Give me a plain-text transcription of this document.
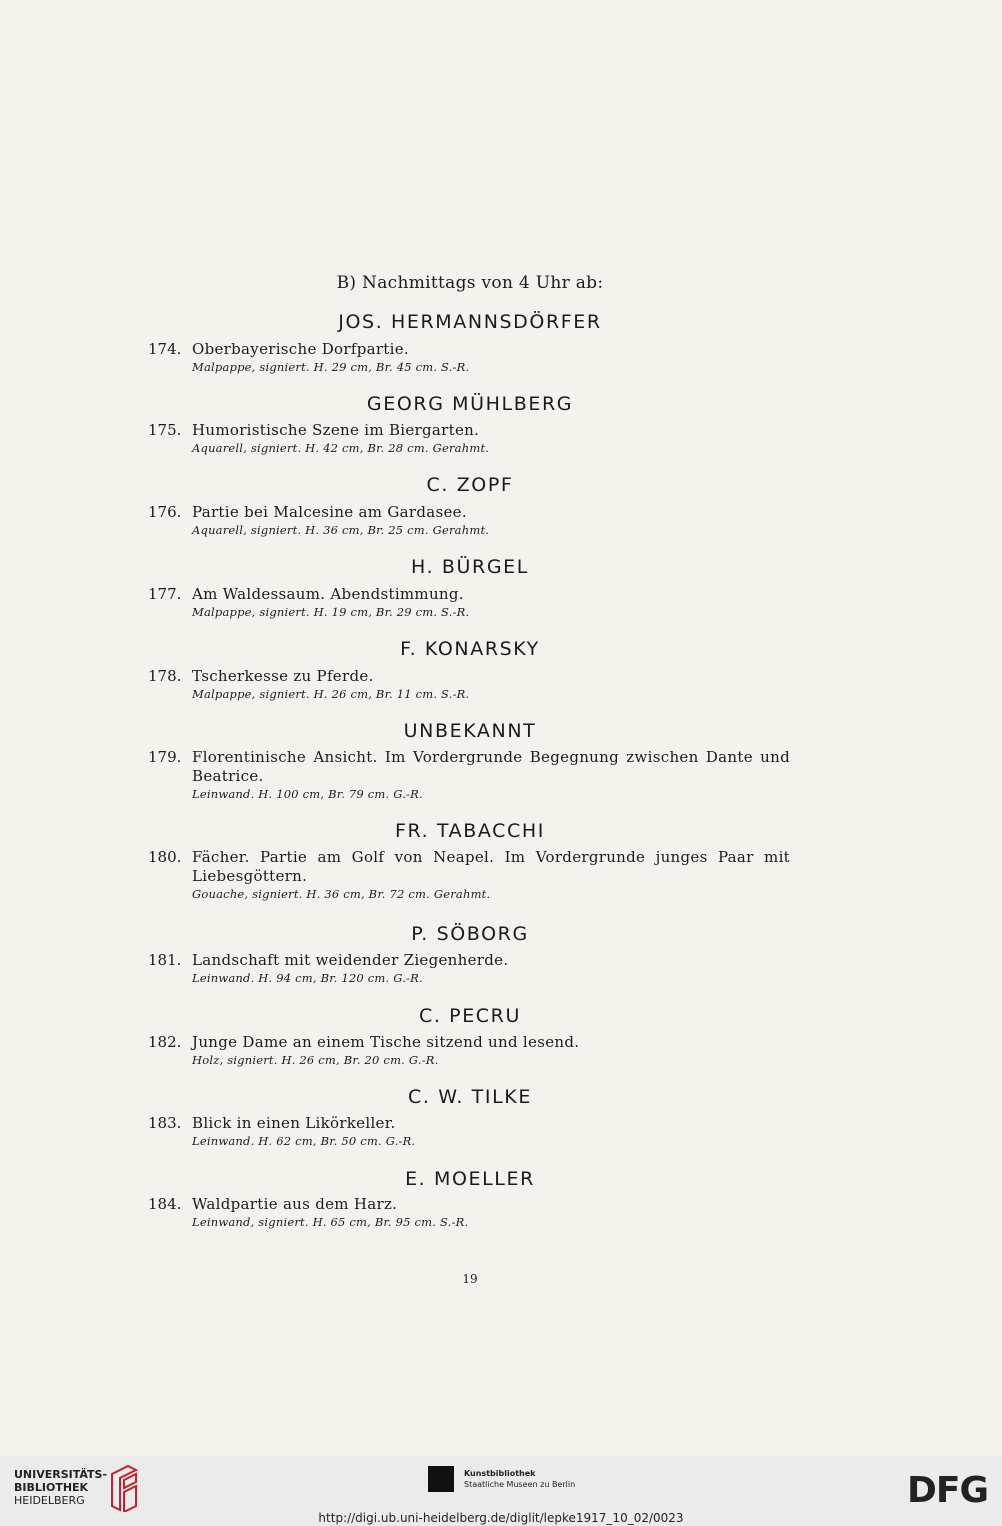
B) Nachmittags von 4 Uhr ab:
JOS. HERMANNSDÖRFER
174. Oberbayerische Dorfpartie.
Malpappe, signiert. H. 29 cm, Br. 45 cm. S.-R.
GEORG MÜHLBERG
175. Humoristische Szene im Biergarten.
Aquarell, signiert. H. 42 cm, Br. 28 cm. Gerahmt.
C. ZOPF
176. Partie bei Malcesine am Gardasee.
Aquarell, signiert. H. 36 cm, Br. 25 cm. Gerahmt.
H. BÜRGEL
177. Am Waldessaum. Abendstimmung.
Malpappe, signiert. H. 19 cm, Br. 29 cm. S.-R.
F. KONARSKY
178. Tscherkesse zu Pferde.
Malpappe, signiert. H. 26 cm, Br. 11 cm. S.-R.
UNBEKANNT
179. Florentinische Ansicht. Im Vordergrunde Begegnung zwischen Dante und Beatrice.
Leinwand. H. 100 cm, Br. 79 cm. G.-R.
FR. TABACCHI
180. Fächer. Partie am Golf von Neapel. Im Vordergrunde junges Paar mit Liebesgöttern.
Gouache, signiert. H. 36 cm, Br. 72 cm. Gerahmt.
P. SÖBORG
181. Landschaft mit weidender Ziegenherde.
Leinwand. H. 94 cm, Br. 120 cm. G.-R.
C. PECRU
182. Junge Dame an einem Tische sitzend und lesend.
Holz, signiert. H. 26 cm, Br. 20 cm. G.-R.
C. W. TILKE
183. Blick in einen Likörkeller.
Leinwand. H. 62 cm, Br. 50 cm. G.-R.
E. MOELLER
184. Waldpartie aus dem Harz.
Leinwand, signiert. H. 65 cm, Br. 95 cm. S.-R.
19
UNIVERSITÄTS-
BIBLIOTHEK
HEIDELBERG
Kunstbibliothek
Staatliche Museen zu Berlin	DFG
http://digi.ub.uni-heidelberg.de/diglit/lepke1917_10_02/0023
